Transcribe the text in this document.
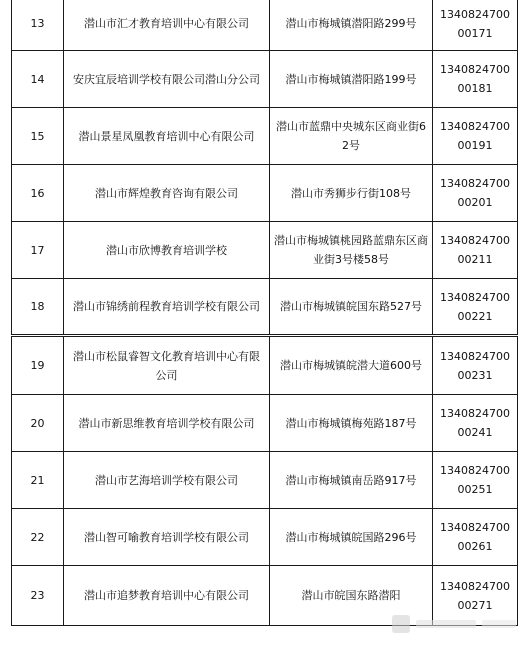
13	潜山市汇才教育培训中心有限公司	潜山市梅城镇潜阳路299号	134082470000171
14	安庆宜辰培训学校有限公司潜山分公司	潜山市梅城镇潜阳路199号	134082470000181
15	潜山景星凤凰教育培训中心有限公司	潜山市蓝鼎中央城东区商业街62号	134082470000191
16	潜山市辉煌教育咨询有限公司	潜山市秀狮步行街108号	134082470000201
17	潜山市欣博教育培训学校	潜山市梅城镇桃园路蓝鼎东区商业街3号楼58号	134082470000211
18	潜山市锦绣前程教育培训学校有限公司	潜山市梅城镇皖国东路527号	134082470000221
19	潜山市松鼠睿智文化教育培训中心有限公司	潜山市梅城镇皖潜大道600号	134082470000231
20	潜山市新思维教育培训学校有限公司	潜山市梅城镇梅苑路187号	134082470000241
21	潜山市艺海培训学校有限公司	潜山市梅城镇南岳路917号	134082470000251
22	潜山智可喻教育培训学校有限公司	潜山市梅城镇皖国路296号	134082470000261
23	潜山市追梦教育培训中心有限公司	潜山市皖国东路潜阳	134082470000271
